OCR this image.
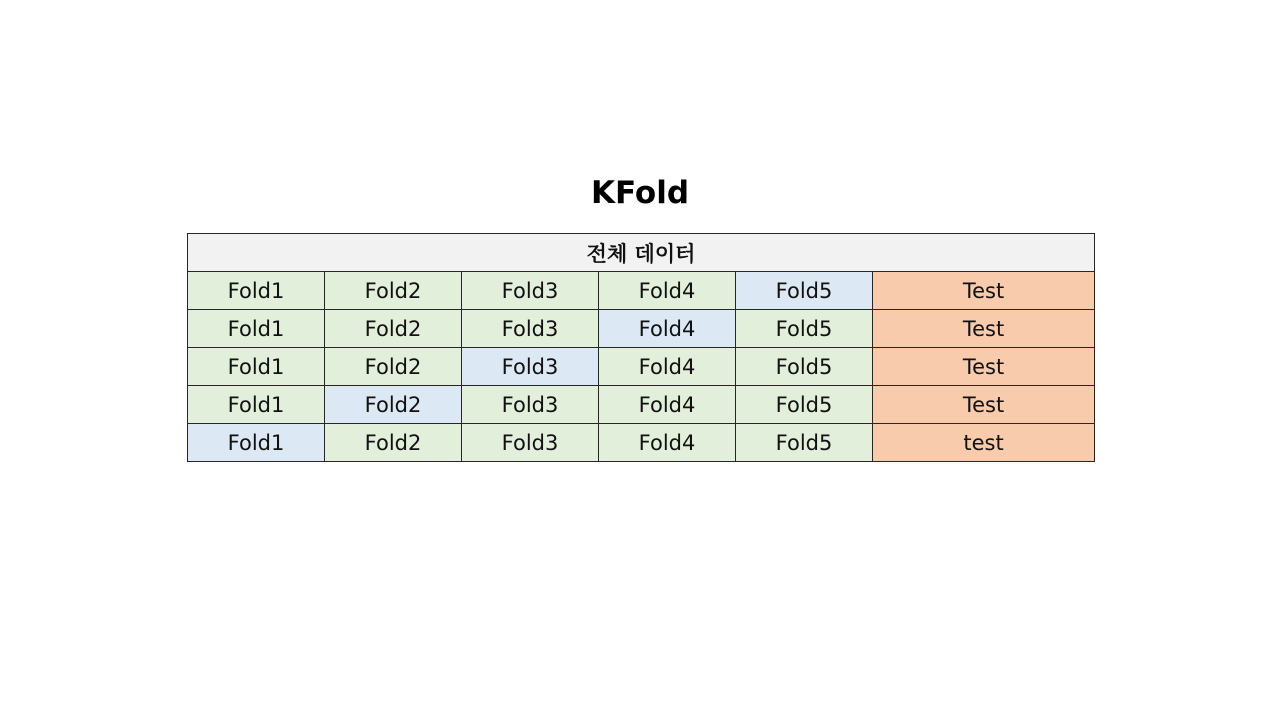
KFold
전체 데이터					
Fold1	Fold2	Fold3	Fold4	Fold5	Test
Fold1	Fold2	Fold3	Fold4	Fold5	Test
Fold1	Fold2	Fold3	Fold4	Fold5	Test
Fold1	Fold2	Fold3	Fold4	Fold5	Test
Fold1	Fold2	Fold3	Fold4	Fold5	test
